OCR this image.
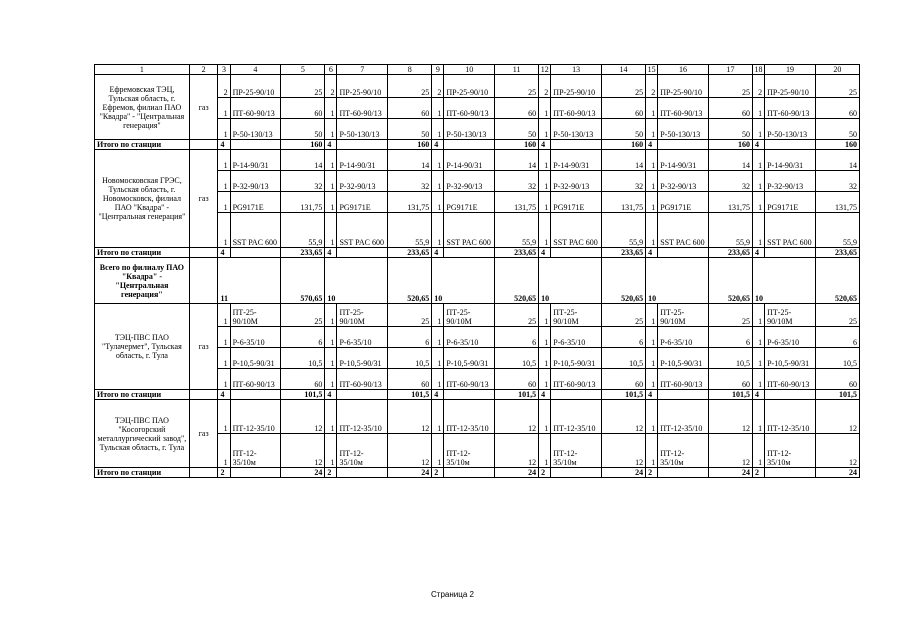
1	2	3	4	5	6	7	8	9	10	11	12	13	14	15	16	17	18	19	20
Ефремовская ТЭЦ, Тульская область, г. Ефремов, филиал ПАО "Квадра" - "Центральная генерация"	газ	2	ПР-25-90/10	25	2	ПР-25-90/10	25	2	ПР-25-90/10	25	2	ПР-25-90/10	25	2	ПР-25-90/10	25	2	ПР-25-90/10	25
		1	ПТ-60-90/13	60	1	ПТ-60-90/13	60	1	ПТ-60-90/13	60	1	ПТ-60-90/13	60	1	ПТ-60-90/13	60	1	ПТ-60-90/13	60
		1	Р-50-130/13	50	1	Р-50-130/13	50	1	Р-50-130/13	50	1	Р-50-130/13	50	1	Р-50-130/13	50	1	Р-50-130/13	50
Итого по станции		4		160	4		160	4		160	4		160	4		160	4		160
Новомосковская ГРЭС, Тульская область, г. Новомосковск, филиал ПАО "Квадра" - "Центральная генерация"	газ	1	Р-14-90/31	14	1	Р-14-90/31	14	1	Р-14-90/31	14	1	Р-14-90/31	14	1	Р-14-90/31	14	1	Р-14-90/31	14
		1	Р-32-90/13	32	1	Р-32-90/13	32	1	Р-32-90/13	32	1	Р-32-90/13	32	1	Р-32-90/13	32	1	Р-32-90/13	32
		1	PG9171E	131,75	1	PG9171E	131,75	1	PG9171E	131,75	1	PG9171E	131,75	1	PG9171E	131,75	1	PG9171E	131,75
		1	SST PAC 600	55,9	1	SST PAC 600	55,9	1	SST PAC 600	55,9	1	SST PAC 600	55,9	1	SST PAC 600	55,9	1	SST PAC 600	55,9
Итого по станции		4		233,65	4		233,65	4		233,65	4		233,65	4		233,65	4		233,65
Всего по филиалу ПАО "Квадра" - "Центральная генерация"		11		570,65	10		520,65	10		520,65	10		520,65	10		520,65	10		520,65
ТЭЦ-ПВС ПАО "Тулачермет", Тульская область, г. Тула	газ	1	ПТ-25-90/10М	25	1	ПТ-25-90/10М	25	1	ПТ-25-90/10М	25	1	ПТ-25-90/10М	25	1	ПТ-25-90/10М	25	1	ПТ-25-90/10М	25
		1	Р-6-35/10	6	1	Р-6-35/10	6	1	Р-6-35/10	6	1	Р-6-35/10	6	1	Р-6-35/10	6	1	Р-6-35/10	6
		1	Р-10,5-90/31	10,5	1	Р-10,5-90/31	10,5	1	Р-10,5-90/31	10,5	1	Р-10,5-90/31	10,5	1	Р-10,5-90/31	10,5	1	Р-10,5-90/31	10,5
		1	ПТ-60-90/13	60	1	ПТ-60-90/13	60	1	ПТ-60-90/13	60	1	ПТ-60-90/13	60	1	ПТ-60-90/13	60	1	ПТ-60-90/13	60
Итого по станции		4		101,5	4		101,5	4		101,5	4		101,5	4		101,5	4		101,5
ТЭЦ-ПВС ПАО "Косогорский металлургический завод", Тульская область, г. Тула	газ	1	ПТ-12-35/10	12	1	ПТ-12-35/10	12	1	ПТ-12-35/10	12	1	ПТ-12-35/10	12	1	ПТ-12-35/10	12	1	ПТ-12-35/10	12
		1	ПТ-12-35/10м	12	1	ПТ-12-35/10м	12	1	ПТ-12-35/10м	12	1	ПТ-12-35/10м	12	1	ПТ-12-35/10м	12	1	ПТ-12-35/10м	12
Итого по станции		2		24	2		24	2		24	2		24	2		24	2		24
Страница 2
